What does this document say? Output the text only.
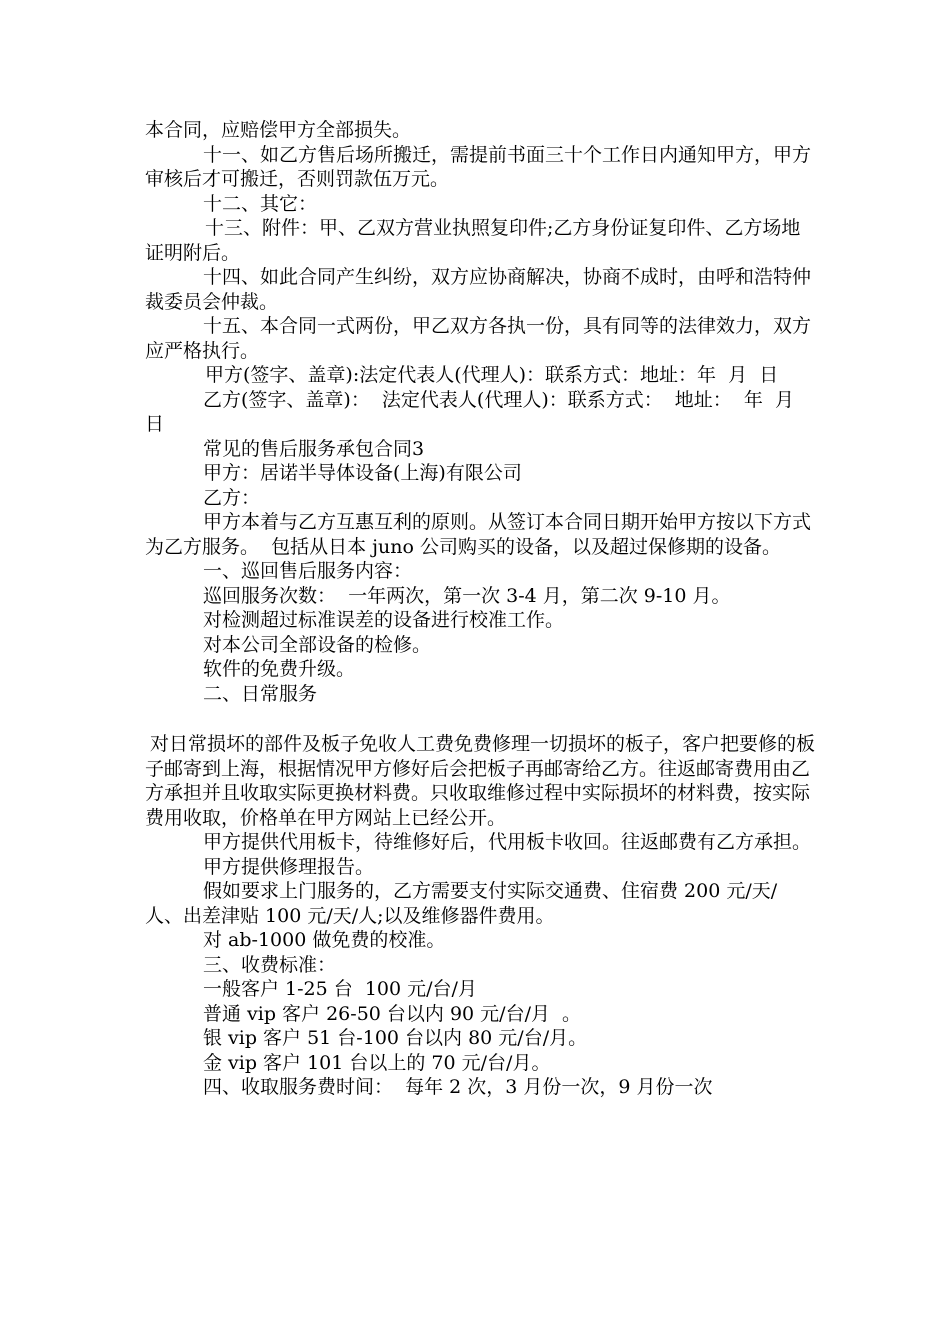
本合同，应赔偿甲方全部损失。

十一、如乙方售后场所搬迁，需提前书面三十个工作日内通知甲方，甲方审核后才可搬迁，否则罚款伍万元。

十二、其它：

十三、附件：甲、乙双方营业执照复印件;乙方身份证复印件、乙方场地证明附后。

十四、如此合同产生纠纷，双方应协商解决，协商不成时，由呼和浩特仲裁委员会仲裁。

十五、本合同一式两份，甲乙双方各执一份，具有同等的法律效力，双方应严格执行。

甲方(签字、盖章):法定代表人(代理人)：联系方式：地址：年  月  日

乙方(签字、盖章)：  法定代表人(代理人)：联系方式：  地址：  年  月  日

常见的售后服务承包合同3

甲方：居诺半导体设备(上海)有限公司

乙方：

甲方本着与乙方互惠互利的原则。从签订本合同日期开始甲方按以下方式为乙方服务。  包括从日本 juno 公司购买的设备，以及超过保修期的设备。

一、巡回售后服务内容：

巡回服务次数：  一年两次，第一次 3-4 月，第二次 9-10 月。

对检测超过标准误差的设备进行校准工作。

对本公司全部设备的检修。

软件的免费升级。

二、日常服务

对日常损坏的部件及板子免收人工费免费修理一切损坏的板子，客户把要修的板子邮寄到上海，根据情况甲方修好后会把板子再邮寄给乙方。往返邮寄费用由乙方承担并且收取实际更换材料费。只收取维修过程中实际损坏的材料费，按实际费用收取，价格单在甲方网站上已经公开。

甲方提供代用板卡，待维修好后，代用板卡收回。往返邮费有乙方承担。

甲方提供修理报告。

假如要求上门服务的，乙方需要支付实际交通费、住宿费 200 元/天/人、出差津贴 100 元/天/人;以及维修器件费用。

对 ab-1000 做免费的校准。

三、收费标准：

一般客户 1-25 台  100 元/台/月

普通 vip 客户 26-50 台以内 90 元/台/月  。

银 vip 客户 51 台-100 台以内 80 元/台/月。

金 vip 客户 101 台以上的 70 元/台/月。

四、收取服务费时间：  每年 2 次，3 月份一次，9 月份一次
